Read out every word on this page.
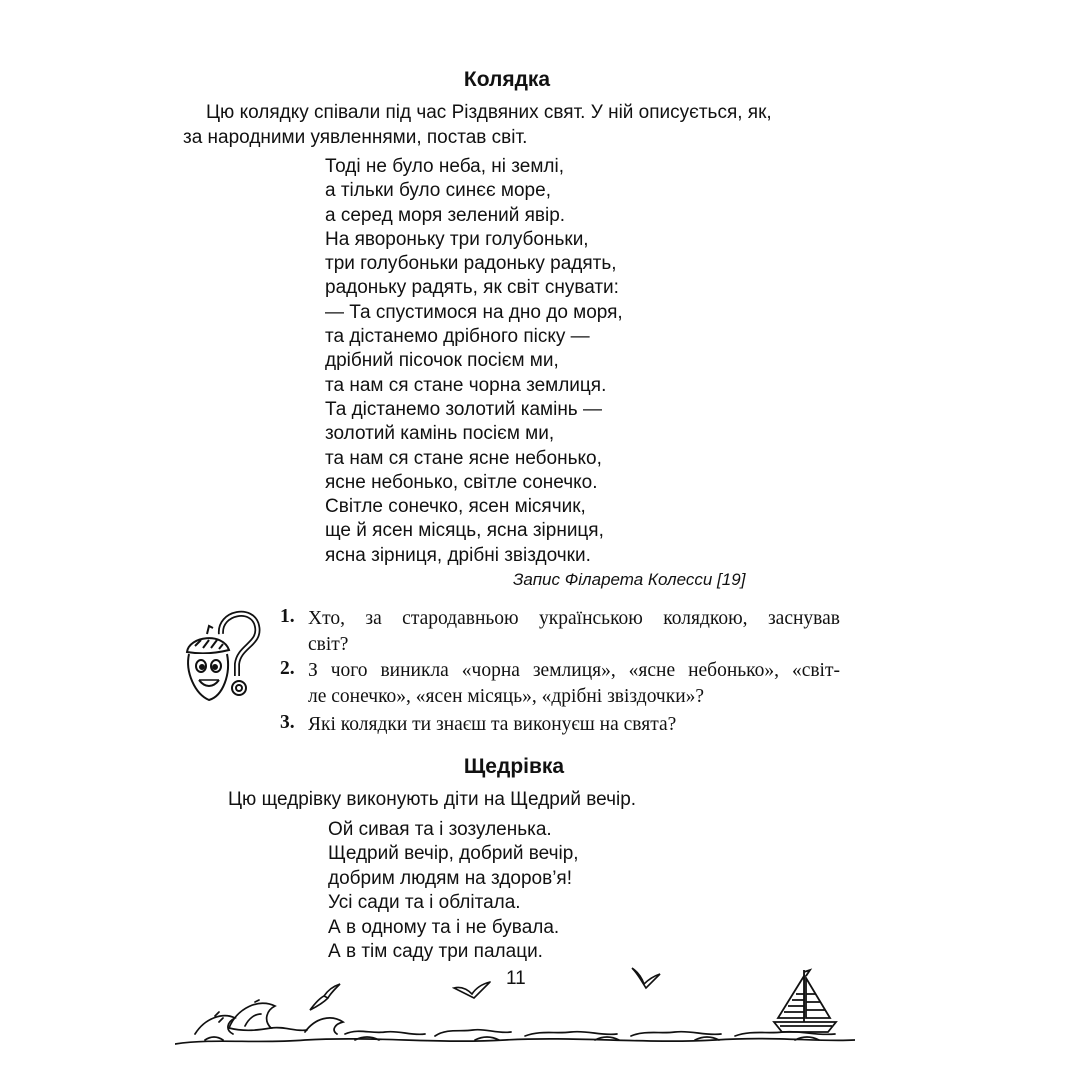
Колядка
Цю колядку співали під час Різдвяних свят. У ній описується, як,
за народними уявленнями, постав світ.
Тоді не було неба, ні землі,
а тільки було синєє море,
а серед моря зелений явір.
На яворонькy три голубоньки,
три голубоньки радоньку радять,
радоньку радять, як світ снувати:
— Та спустимося на дно до моря,
та дістанемо дрібного піску —
дрібний пісочок посієм ми,
та нам ся стане чорна землиця.
Та дістанемо золотий камінь —
золотий камінь посієм ми,
та нам ся стане ясне небонько,
ясне небонько, світле сонечко.
Світле сонечко, ясен місячик,
ще й ясен місяць, ясна зірниця,
ясна зірниця, дрібні звіздочки.
Запис Філарета Колесси [19]
1. Хто, за стародавньою українською колядкою, заснував
світ?
2. З чого виникла «чорна землиця», «ясне небонько», «світ-
ле сонечко», «ясен місяць», «дрібні звіздочки»?
3. Які колядки ти знаєш та виконуєш на свята?
Щедрівка
Цю щедрівку виконують діти на Щедрий вечір.
Ой сивая та і зозуленька.
Щедрий вечір, добрий вечір,
добрим людям на здоров’я!
Усі сади та і облітала.
А в одному та і не бувала.
А в тім саду три палаци.
11
